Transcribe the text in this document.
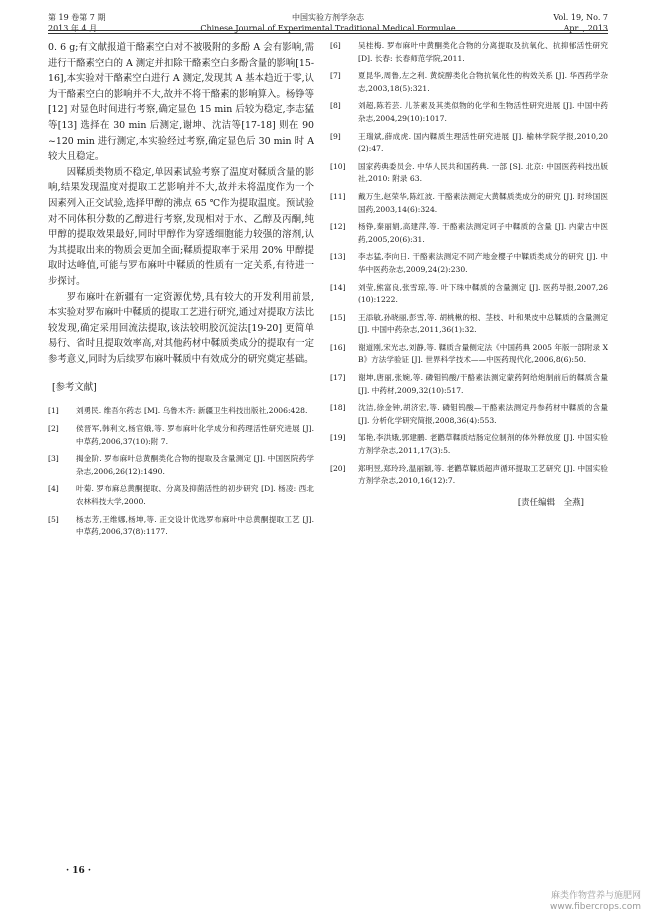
第 19 卷第 7 期
2013 年 4 月
中国实验方剂学杂志
Chinese Journal of Experimental Traditional Medical Formulae
Vol. 19, No. 7
Apr. , 2013

0. 6 g;有文献报道干酪素空白对不被吸附的多酚 A 会有影响,需进行干酪素空白的 A 测定并扣除干酪素空白多酚含量的影响[15-16],本实验对干酪素空白进行 A 测定,发现其 A 基本趋近于零,认为干酪素空白的影响并不大,故并不将干酪素的影响算入。杨铮等[12] 对显色时间进行考察,确定显色 15 min 后较为稳定,李志猛等[13] 选择在 30 min 后测定,谢坤、沈洁等[17-18] 则在 90 ~120 min 进行测定,本实验经过考察,确定显色后 30 min 时 A 较大且稳定。

因鞣质类物质不稳定,单因素试验考察了温度对鞣质含量的影响,结果发现温度对提取工艺影响并不大,故并未将温度作为一个因素列入正交试验,选择甲醇的沸点 65 ℃作为提取温度。预试验对不同体积分数的乙醇进行考察,发现相对于水、乙醇及丙酮,纯甲醇的提取效果最好,同时甲醇作为穿透细胞能力较强的溶剂,认为其提取出来的物质会更加全面;鞣质提取率于采用 20% 甲醇提取时达峰值,可能与罗布麻叶中鞣质的性质有一定关系,有待进一步探讨。

罗布麻叶在新疆有一定资源优势,具有较大的开发利用前景,本实验对罗布麻叶中鞣质的提取工艺进行研究,通过对提取方法比较发现,确定采用回流法提取,该法较明胶沉淀法[19-20] 更简单易行、省时且提取效率高,对其他药材中鞣质类成分的提取有一定参考意义,同时为后续罗布麻叶鞣质中有效成分的研究奠定基础。

[参考文献]
[1]	刘勇民. 维吾尔药志 [M]. 乌鲁木齐: 新疆卫生科技出版社,2006:428.
[2]	侯晋军,韩利文,杨官娥,等. 罗布麻叶化学成分和药理活性研究进展 [J]. 中草药,2006,37(10):附 7.
[3]	揭金阶. 罗布麻叶总黄酮类化合物的提取及含量测定 [J]. 中国医院药学杂志,2006,26(12):1490.
[4]	叶菊. 罗布麻总黄酮提取、分离及抑菌活性的初步研究 [D]. 杨凌: 西北农林科技大学,2000.
[5]	杨志芳,王维娜,杨坤,等. 正交设计优选罗布麻叶中总黄酮提取工艺 [J]. 中草药,2006,37(8):1177.
[6]	吴桂梅. 罗布麻叶中黄酮类化合物的分离提取及抗氧化、抗抑郁活性研究 [D]. 长春: 长春师范学院,2011.
[7]	夏昆华,周鲁,左之利. 黄烷醇类化合物抗氧化性的构效关系 [J]. 华西药学杂志,2003,18(5):321.
[8]	刘超,陈若芸. 儿茶素及其类似物的化学和生物活性研究进展 [J]. 中国中药杂志,2004,29(10):1017.
[9]	王瑞斌,薛成虎. 国内鞣质生理活性研究进展 [J]. 榆林学院学报,2010,20(2):47.
[10]	国家药典委员会. 中华人民共和国药典. 一部 [S]. 北京: 中国医药科技出版社,2010: 附录 63.
[11]	戴万生,赵荣华,陈红波. 干酪素法测定大黄鞣质类成分的研究 [J]. 时珍国医国药,2003,14(6):324.
[12]	杨铮,秦丽娟,高建萍,等. 干酪素法测定诃子中鞣质的含量 [J]. 内蒙古中医药,2005,20(6):31.
[13]	李志猛,李向日. 干酪素法测定不同产地金樱子中鞣质类成分的研究 [J]. 中华中医药杂志,2009,24(2):230.
[14]	刘莹,熊富良,张雪琼,等. 叶下珠中鞣质的含量测定 [J]. 医药导报,2007,26(10):1222.
[15]	王添敏,孙晓丽,彭雪,等. 胡桃楸的根、茎枝、叶和果皮中总鞣质的含量测定 [J]. 中国中药杂志,2011,36(1):32.
[16]	谢道刚,宋光志,刘静,等. 鞣质含量侧定法《中国药典 2005 年版一部附录 XB》方法学验证 [J]. 世界科学技术——中医药现代化,2006,8(6):50.
[17]	谢坤,唐丽,张婉,等. 磷钼钨酸/干酪素法测定蒙药阿给炮制前后的鞣质含量 [J]. 中药材,2009,32(10):517.
[18]	沈洁,徐金钟,胡济宏,等. 磷钼钨酸—干酪素法测定丹参药材中鞣质的含量 [J]. 分析化学研究简报,2008,36(4):553.
[19]	邹艳,李洪娥,郭建鹏. 老鹳草鞣质结肠定位制剂的体外释放度 [J]. 中国实验方剂学杂志,2011,17(3):5.
[20]	郑明昱,郑玲玲,温丽颖,等. 老鹳草鞣质超声循环提取工艺研究 [J]. 中国实验方剂学杂志,2010,16(12):7.
[责任编辑　全燕]
· 16 ·
麻类作物营养与施肥网
www.fibercrops.com
